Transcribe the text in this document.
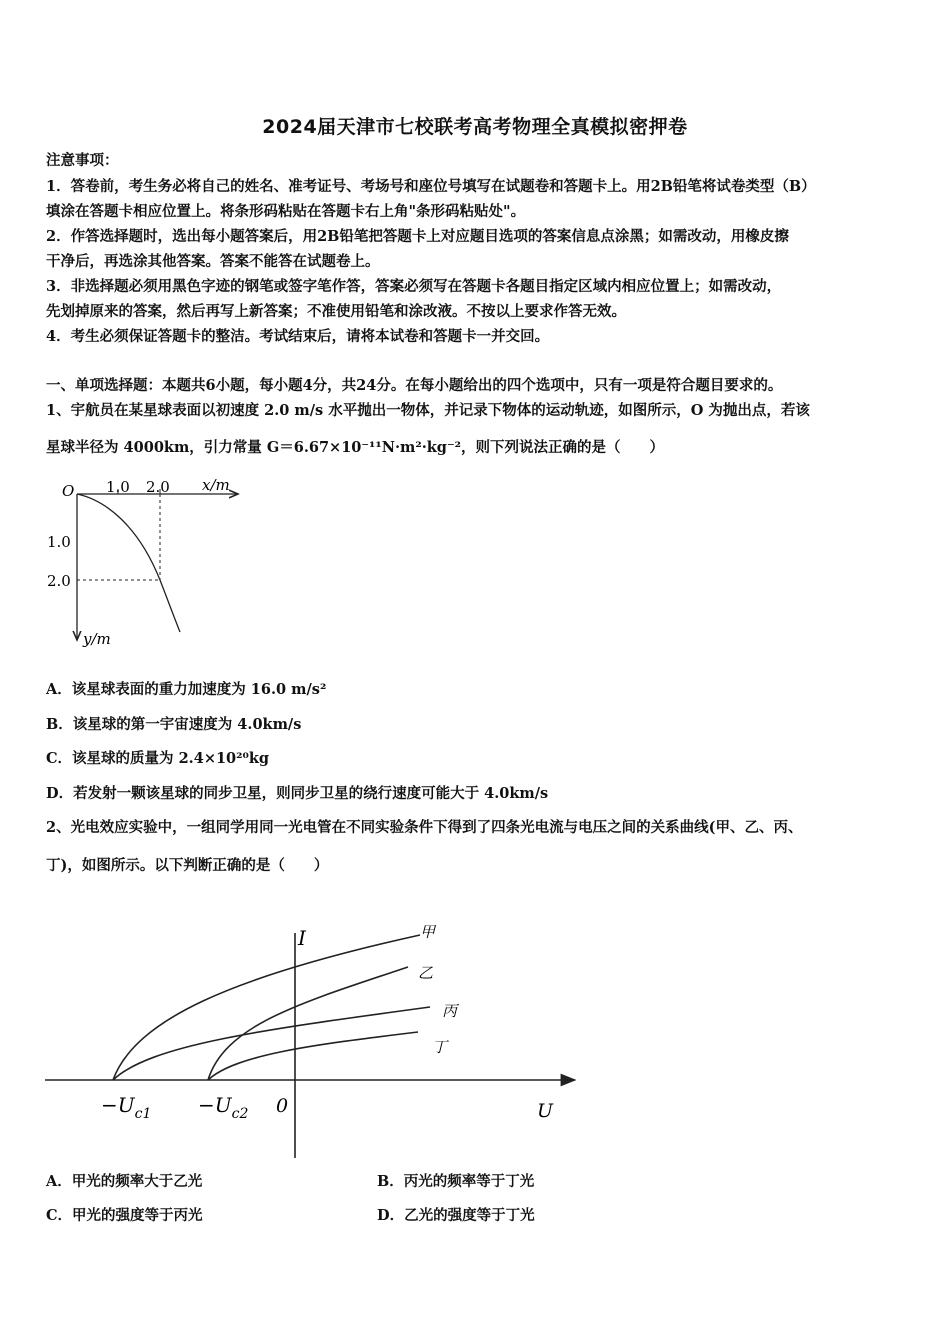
2024届天津市七校联考高考物理全真模拟密押卷
注意事项：
1．答卷前，考生务必将自己的姓名、准考证号、考场号和座位号填写在试题卷和答题卡上。用2B铅笔将试卷类型（B）
填涂在答题卡相应位置上。将条形码粘贴在答题卡右上角"条形码粘贴处"。
2．作答选择题时，选出每小题答案后，用2B铅笔把答题卡上对应题目选项的答案信息点涂黑；如需改动，用橡皮擦
干净后，再选涂其他答案。答案不能答在试题卷上。
3．非选择题必须用黑色字迹的钢笔或签字笔作答，答案必须写在答题卡各题目指定区域内相应位置上；如需改动，
先划掉原来的答案，然后再写上新答案；不准使用铅笔和涂改液。不按以上要求作答无效。
4．考生必须保证答题卡的整洁。考试结束后，请将本试卷和答题卡一并交回。
一、单项选择题：本题共6小题，每小题4分，共24分。在每小题给出的四个选项中，只有一项是符合题目要求的。
1、宇航员在某星球表面以初速度 2.0 m/s 水平抛出一物体，并记录下物体的运动轨迹，如图所示，O 为抛出点，若该
星球半径为 4000km，引力常量 G＝6.67×10⁻¹¹N·m²·kg⁻²，则下列说法正确的是（　　）
O 1.0 2.0 x/m
1.0
2.0
y/m
A．该星球表面的重力加速度为 16.0 m/s²
B．该星球的第一宇宙速度为 4.0km/s
C．该星球的质量为 2.4×10²⁰kg
D．若发射一颗该星球的同步卫星，则同步卫星的绕行速度可能大于 4.0km/s
2、光电效应实验中，一组同学用同一光电管在不同实验条件下得到了四条光电流与电压之间的关系曲线(甲、乙、丙、
丁)，如图所示。以下判断正确的是（　　）
I
U
0
$-U_{c1} -U_{c2}$
甲
乙
丙
丁
A．甲光的频率大于乙光	B．丙光的频率等于丁光
C．甲光的强度等于丙光	D．乙光的强度等于丁光
